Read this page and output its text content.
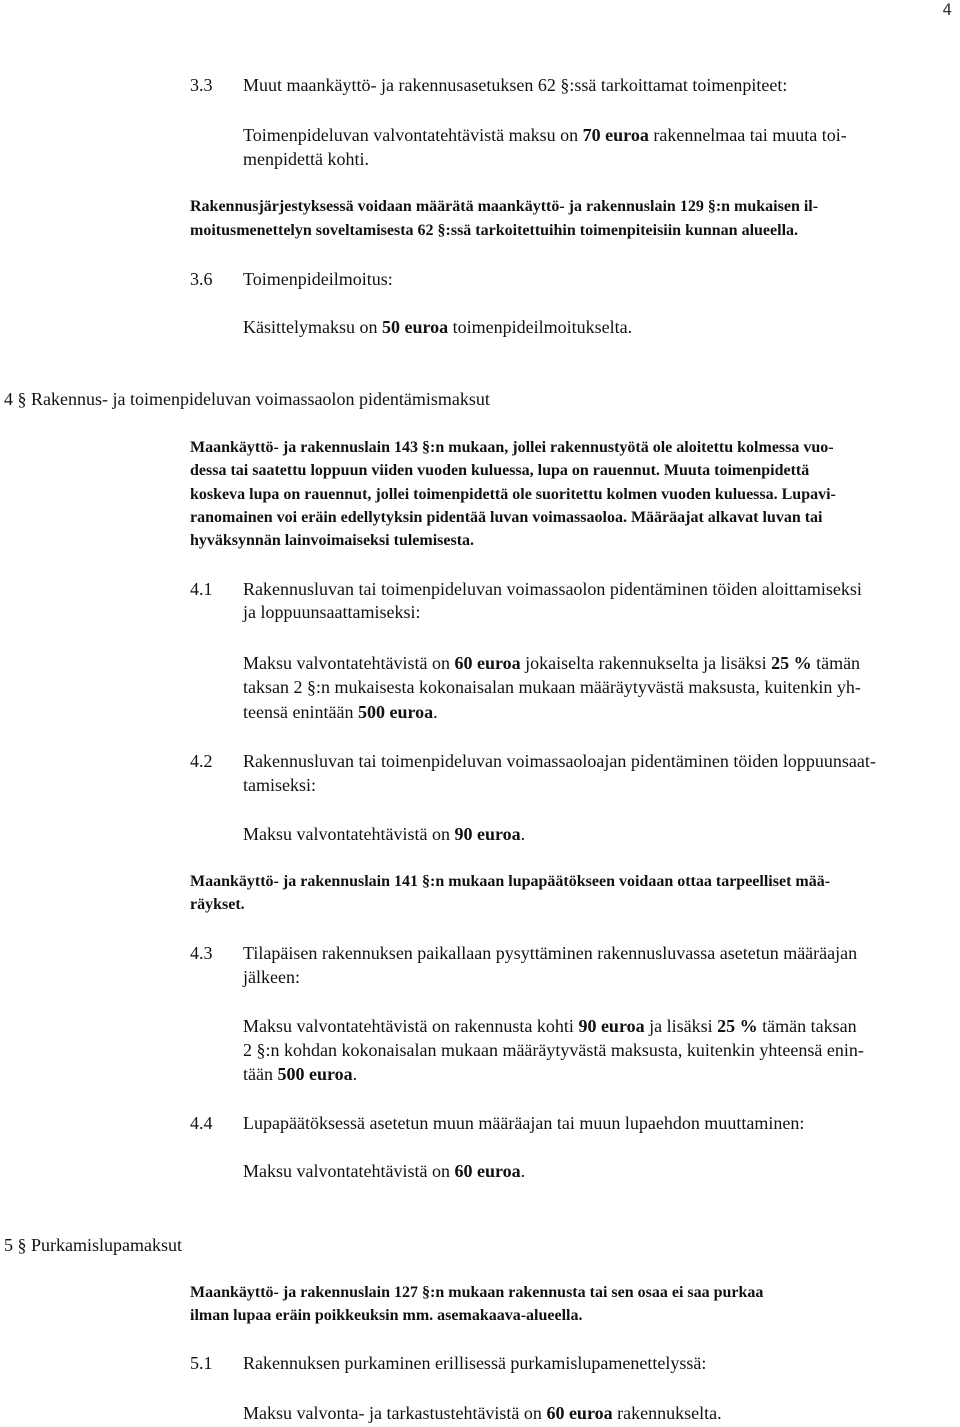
4
3.3 Muut maankäyttö- ja rakennusasetuksen 62 §:ssä tarkoittamat toimenpiteet:
Toimenpideluvan valvontatehtävistä maksu on 70 euroa rakennelmaa tai muuta toi-
menpidettä kohti.
Rakennusjärjestyksessä voidaan määrätä maankäyttö- ja rakennuslain 129 §:n mukaisen il-
moitusmenettelyn soveltamisesta 62 §:ssä tarkoitettuihin toimenpiteisiin kunnan alueella.
3.6 Toimenpideilmoitus:
Käsittelymaksu on 50 euroa toimenpideilmoitukselta.
4 § Rakennus- ja toimenpideluvan voimassaolon pidentämismaksut
Maankäyttö- ja rakennuslain 143 §:n mukaan, jollei rakennustyötä ole aloitettu kolmessa vuo-
dessa tai saatettu loppuun viiden vuoden kuluessa, lupa on rauennut. Muuta toimenpidettä
koskeva lupa on rauennut, jollei toimenpidettä ole suoritettu kolmen vuoden kuluessa. Lupavi-
ranomainen voi eräin edellytyksin pidentää luvan voimassaoloa. Määräajat alkavat luvan tai
hyväksynnän lainvoimaiseksi tulemisesta.
4.1 Rakennusluvan tai toimenpideluvan voimassaolon pidentäminen töiden aloittamiseksi
ja loppuunsaattamiseksi:
Maksu valvontatehtävistä on 60 euroa jokaiselta rakennukselta ja lisäksi 25 % tämän
taksan 2 §:n mukaisesta kokonaisalan mukaan määräytyvästä maksusta, kuitenkin yh-
teensä enintään 500 euroa.
4.2 Rakennusluvan tai toimenpideluvan voimassaoloajan pidentäminen töiden loppuunsaat-
tamiseksi:
Maksu valvontatehtävistä on 90 euroa.
Maankäyttö- ja rakennuslain 141 §:n mukaan lupapäätökseen voidaan ottaa tarpeelliset mää-
räykset.
4.3 Tilapäisen rakennuksen paikallaan pysyttäminen rakennusluvassa asetetun määräajan
jälkeen:
Maksu valvontatehtävistä on rakennusta kohti 90 euroa ja lisäksi 25 % tämän taksan
2 §:n kohdan kokonaisalan mukaan määräytyvästä maksusta, kuitenkin yhteensä enin-
tään 500 euroa.
4.4 Lupapäätöksessä asetetun muun määräajan tai muun lupaehdon muuttaminen:
Maksu valvontatehtävistä on 60 euroa.
5 § Purkamislupamaksut
Maankäyttö- ja rakennuslain 127 §:n mukaan rakennusta tai sen osaa ei saa purkaa
ilman lupaa eräin poikkeuksin mm. asemakaava-alueella.
5.1 Rakennuksen purkaminen erillisessä purkamislupamenettelyssä:
Maksu valvonta- ja tarkastustehtävistä on 60 euroa rakennukselta.
